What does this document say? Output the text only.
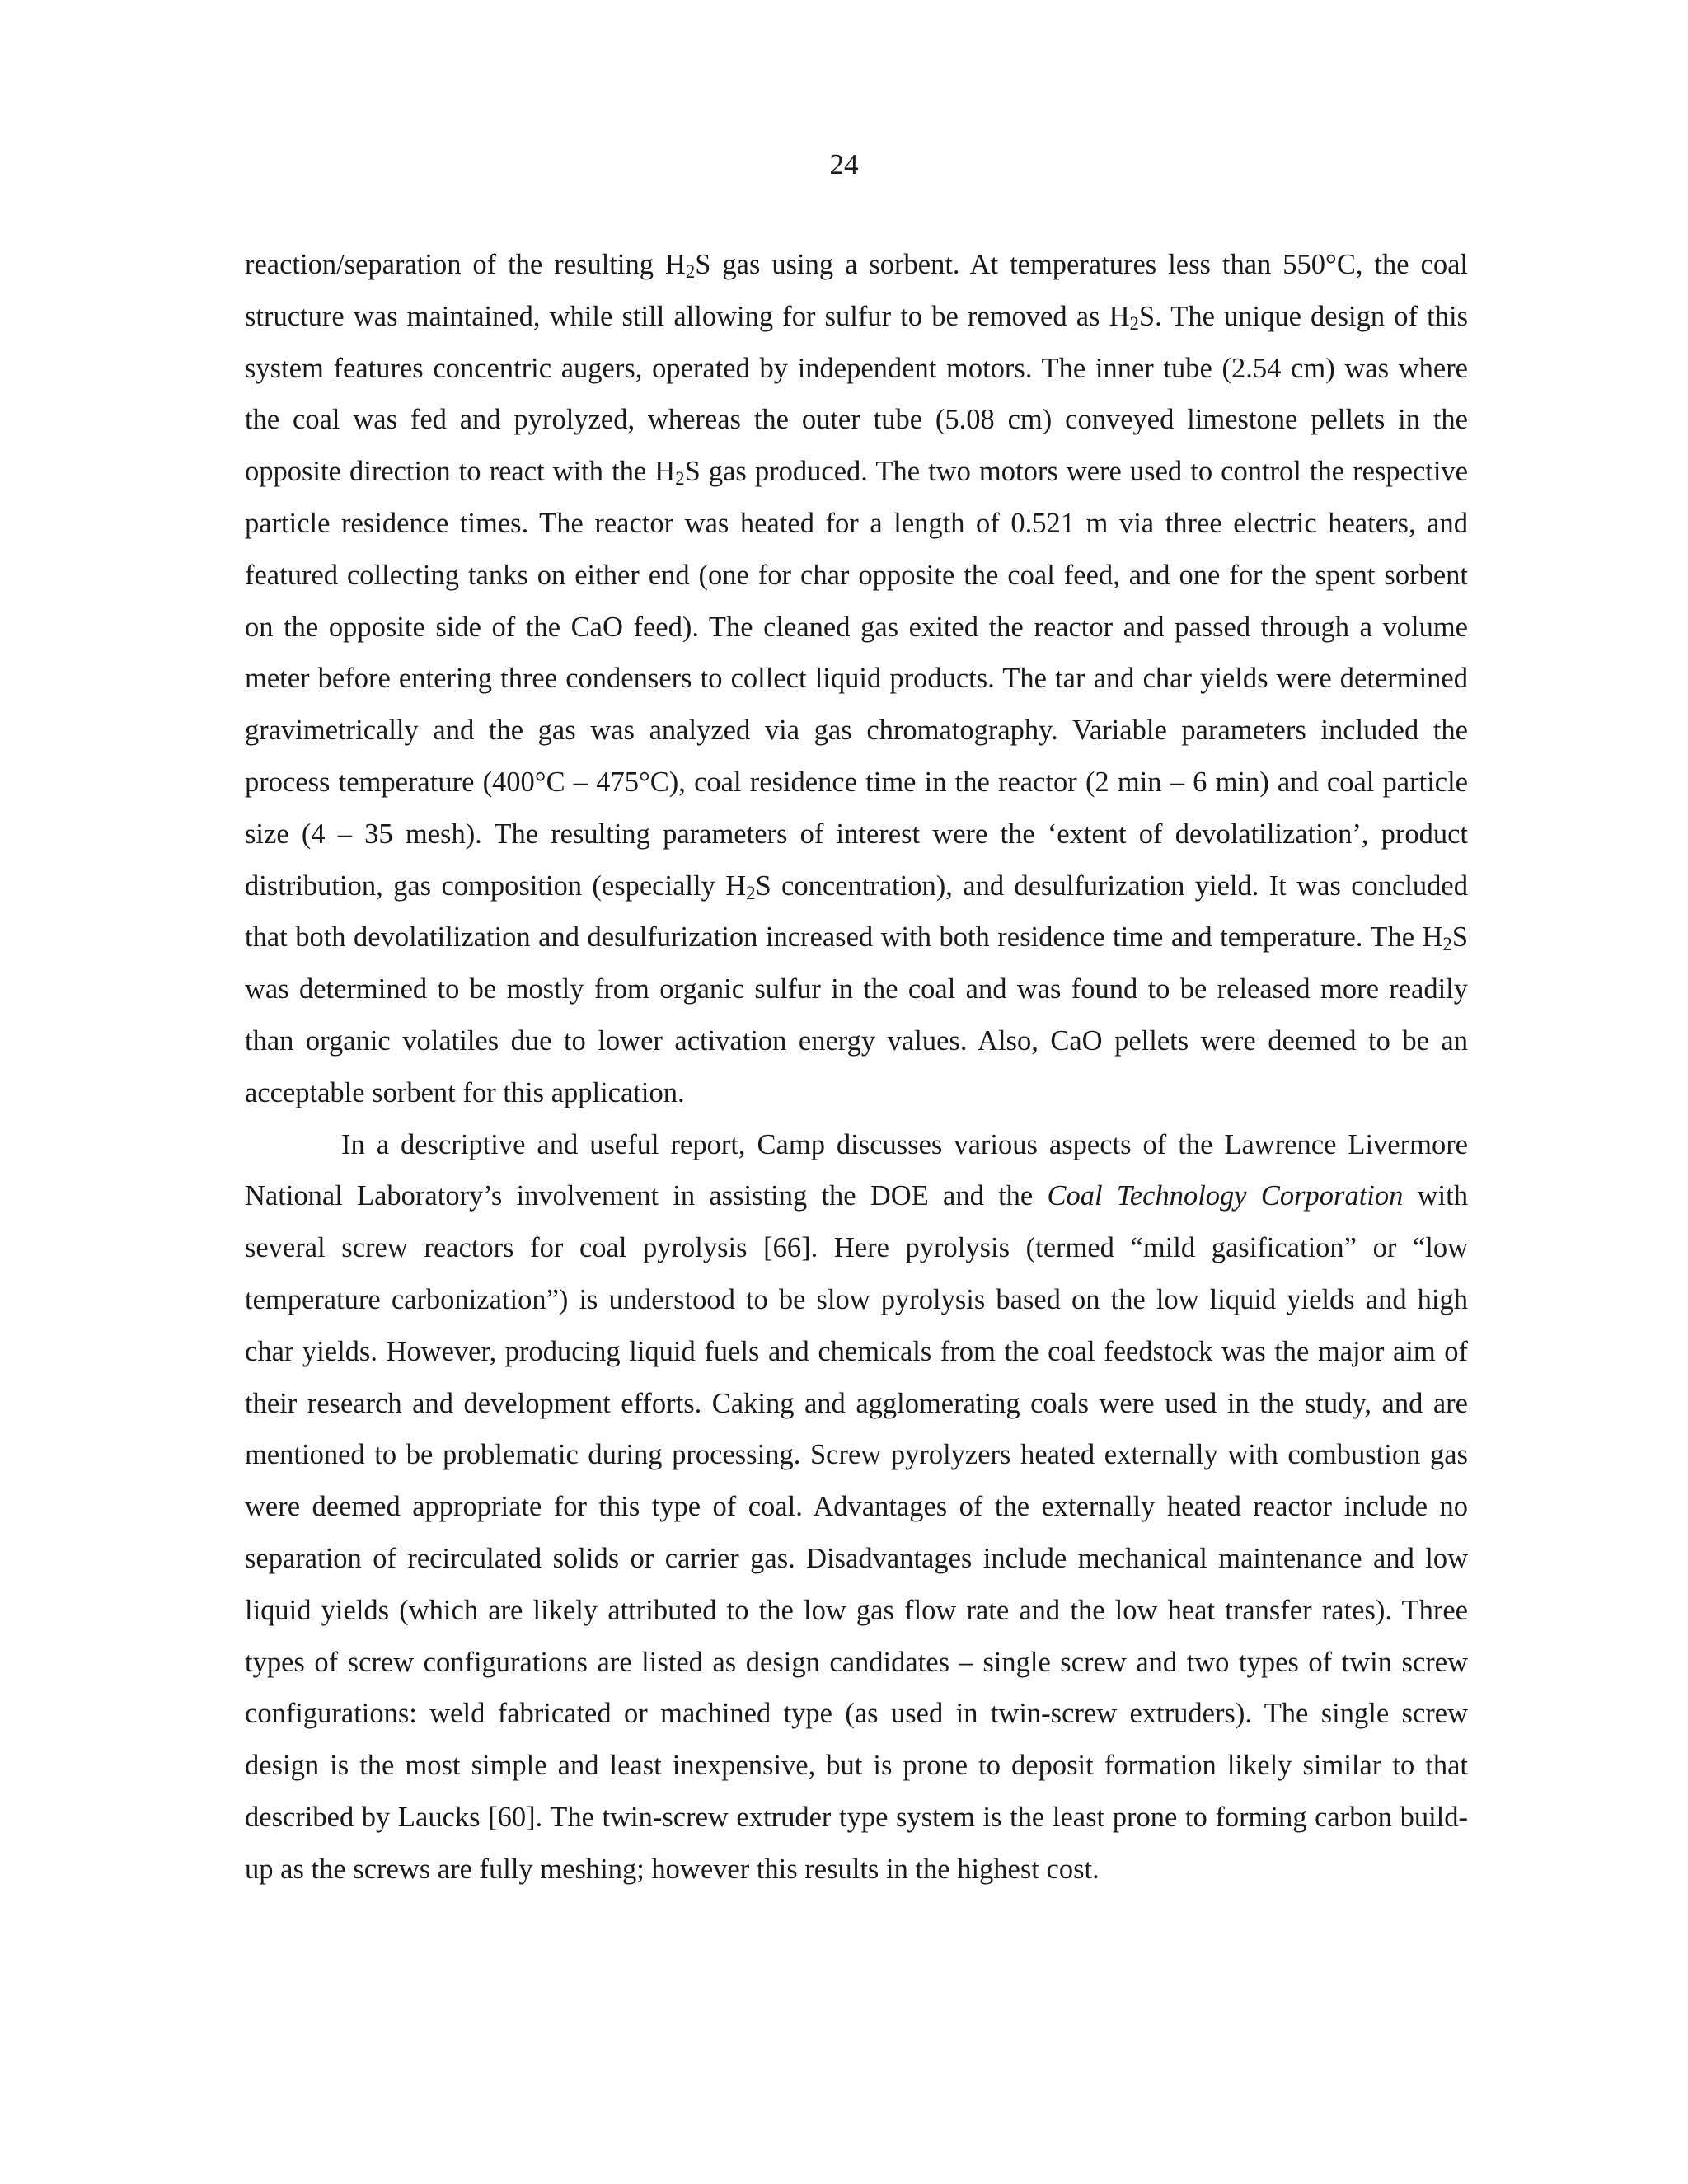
24

reaction/separation of the resulting $H_2S$ gas using a sorbent. At temperatures less than 550°C, the coal structure was maintained, while still allowing for sulfur to be removed as $H_2S$. The unique design of this system features concentric augers, operated by independent motors. The inner tube (2.54 cm) was where the coal was fed and pyrolyzed, whereas the outer tube (5.08 cm) conveyed limestone pellets in the opposite direction to react with the $H_2S$ gas produced. The two motors were used to control the respective particle residence times. The reactor was heated for a length of 0.521 m via three electric heaters, and featured collecting tanks on either end (one for char opposite the coal feed, and one for the spent sorbent on the opposite side of the CaO feed). The cleaned gas exited the reactor and passed through a volume meter before entering three condensers to collect liquid products. The tar and char yields were determined gravimetrically and the gas was analyzed via gas chromatography. Variable parameters included the process temperature (400°C – 475°C), coal residence time in the reactor (2 min – 6 min) and coal particle size (4 – 35 mesh). The resulting parameters of interest were the ‘extent of devolatilization’, product distribution, gas composition (especially $H_2S$ concentration), and desulfurization yield. It was concluded that both devolatilization and desulfurization increased with both residence time and temperature. The $H_2S$ was determined to be mostly from organic sulfur in the coal and was found to be released more readily than organic volatiles due to lower activation energy values. Also, CaO pellets were deemed to be an acceptable sorbent for this application.

In a descriptive and useful report, Camp discusses various aspects of the Lawrence Livermore National Laboratory’s involvement in assisting the DOE and the Coal Technology Corporation with several screw reactors for coal pyrolysis [66]. Here pyrolysis (termed “mild gasification” or “low temperature carbonization”) is understood to be slow pyrolysis based on the low liquid yields and high char yields. However, producing liquid fuels and chemicals from the coal feedstock was the major aim of their research and development efforts. Caking and agglomerating coals were used in the study, and are mentioned to be problematic during processing. Screw pyrolyzers heated externally with combustion gas were deemed appropriate for this type of coal. Advantages of the externally heated reactor include no separation of recirculated solids or carrier gas. Disadvantages include mechanical maintenance and low liquid yields (which are likely attributed to the low gas flow rate and the low heat transfer rates). Three types of screw configurations are listed as design candidates – single screw and two types of twin screw configurations: weld fabricated or machined type (as used in twin-screw extruders). The single screw design is the most simple and least inexpensive, but is prone to deposit formation likely similar to that described by Laucks [60]. The twin-screw extruder type system is the least prone to forming carbon build-up as the screws are fully meshing; however this results in the highest cost.
